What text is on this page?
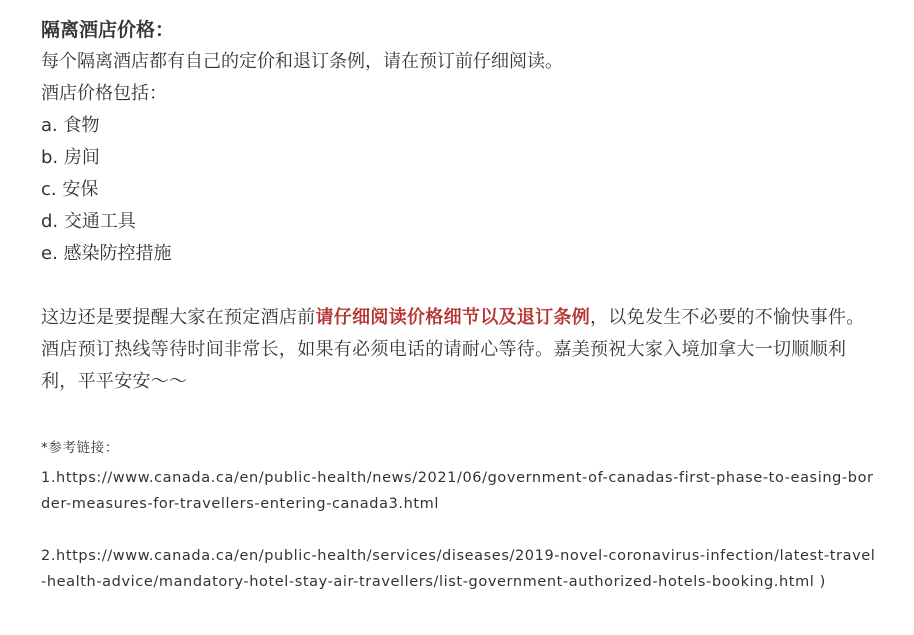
隔离酒店价格：

每个隔离酒店都有自己的定价和退订条例，请在预订前仔细阅读。

酒店价格包括：

a. 食物

b. 房间

c. 安保

d. 交通工具

e. 感染防控措施

这边还是要提醒大家在预定酒店前请仔细阅读价格细节以及退订条例，以免发生不必要的不愉快事件。酒店预订热线等待时间非常长，如果有必须电话的请耐心等待。嘉美预祝大家入境加拿大一切顺顺利利，平平安安～～

*参考链接：

1.https://www.canada.ca/en/public-health/news/2021/06/government-of-canadas-first-phase-to-easing-border-measures-for-travellers-entering-canada3.html

2.https://www.canada.ca/en/public-health/services/diseases/2019-novel-coronavirus-infection/latest-travel-health-advice/mandatory-hotel-stay-air-travellers/list-government-authorized-hotels-booking.html )
